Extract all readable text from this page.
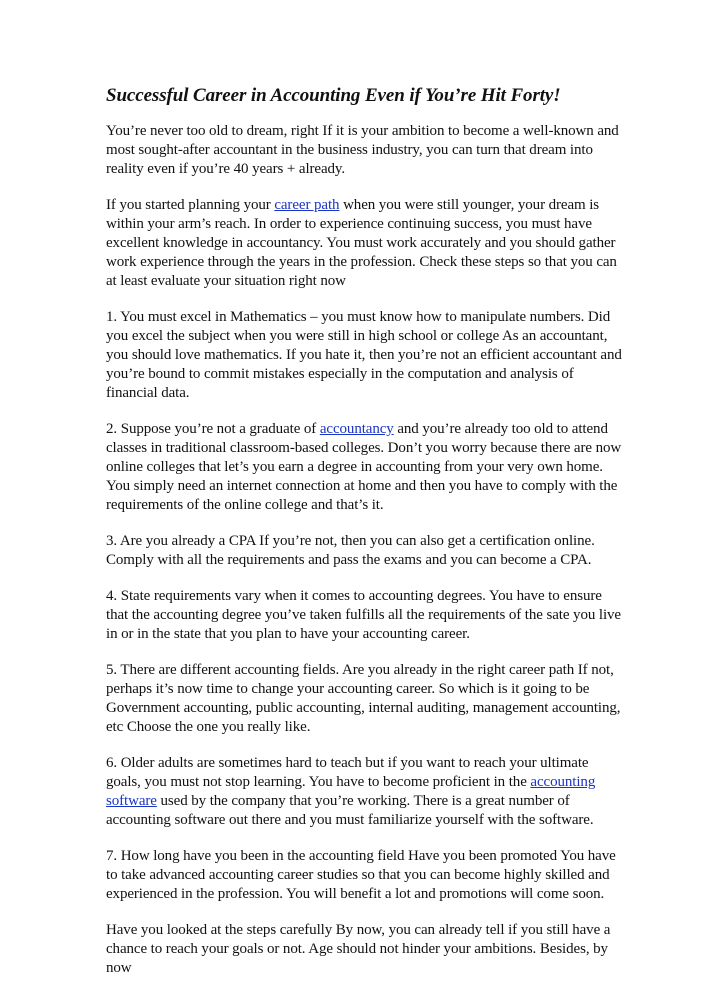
Successful Career in Accounting Even if You’re Hit Forty!

You’re never too old to dream, right If it is your ambition to become a well-known and most sought-after accountant in the business industry, you can turn that dream into reality even if you’re 40 years + already.

If you started planning your career path when you were still younger, your dream is within your arm’s reach. In order to experience continuing success, you must have excellent knowledge in accountancy. You must work accurately and you should gather work experience through the years in the profession. Check these steps so that you can at least evaluate your situation right now

1. You must excel in Mathematics – you must know how to manipulate numbers. Did you excel the subject when you were still in high school or college As an accountant, you should love mathematics. If you hate it, then you’re not an efficient accountant and you’re bound to commit mistakes especially in the computation and analysis of financial data.

2. Suppose you’re not a graduate of accountancy and you’re already too old to attend classes in traditional classroom-based colleges. Don’t you worry because there are now online colleges that let’s you earn a degree in accounting from your very own home. You simply need an internet connection at home and then you have to comply with the requirements of the online college and that’s it.

3. Are you already a CPA If you’re not, then you can also get a certification online. Comply with all the requirements and pass the exams and you can become a CPA.

4. State requirements vary when it comes to accounting degrees. You have to ensure that the accounting degree you’ve taken fulfills all the requirements of the sate you live in or in the state that you plan to have your accounting career.

5. There are different accounting fields. Are you already in the right career path If not, perhaps it’s now time to change your accounting career. So which is it going to be Government accounting, public accounting, internal auditing, management accounting, etc Choose the one you really like.

6. Older adults are sometimes hard to teach but if you want to reach your ultimate goals, you must not stop learning. You have to become proficient in the accounting software used by the company that you’re working. There is a great number of accounting software out there and you must familiarize yourself with the software.

7. How long have you been in the accounting field Have you been promoted You have to take advanced accounting career studies so that you can become highly skilled and experienced in the profession. You will benefit a lot and promotions will come soon.

Have you looked at the steps carefully By now, you can already tell if you still have a chance to reach your goals or not. Age should not hinder your ambitions. Besides, by now
